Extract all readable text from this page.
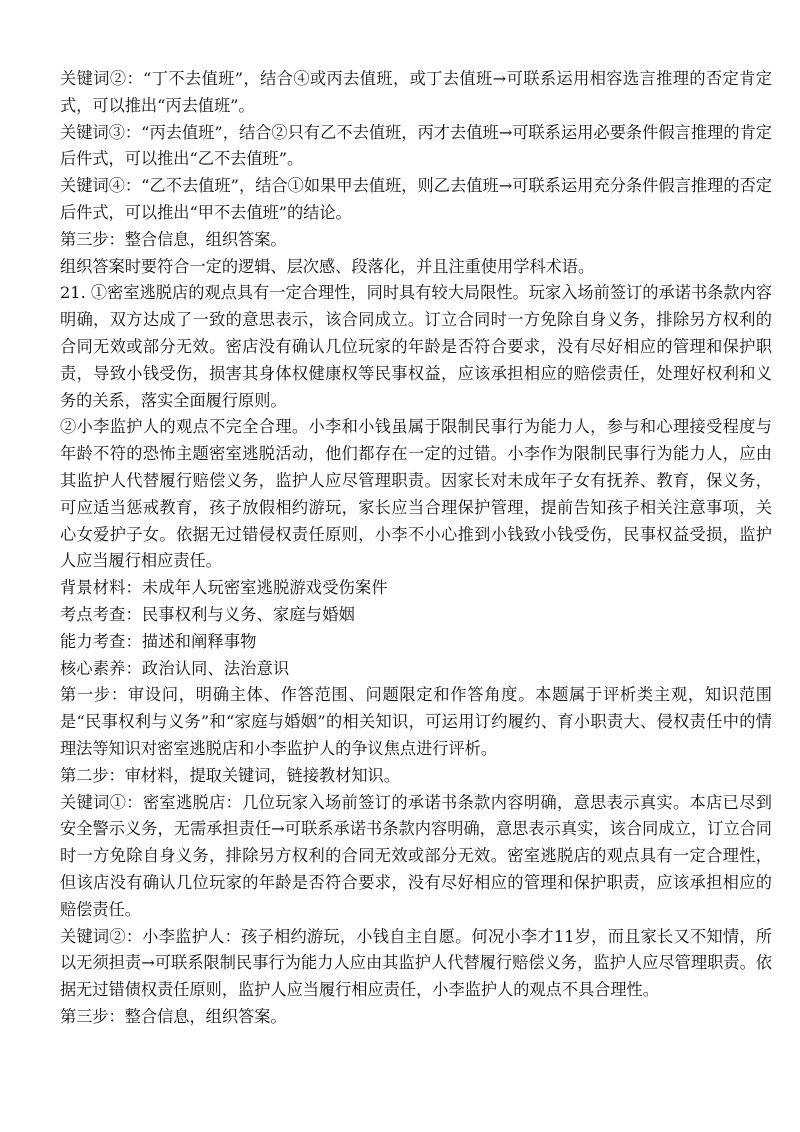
关键词②：“丁不去值班”，结合④或丙去值班，或丁去值班→可联系运用相容选言推理的否定肯定式，可以推出“丙去值班”。

关键词③：“丙去值班”，结合②只有乙不去值班，丙才去值班→可联系运用必要条件假言推理的肯定后件式，可以推出“乙不去值班”。

关键词④：“乙不去值班”，结合①如果甲去值班，则乙去值班→可联系运用充分条件假言推理的否定后件式，可以推出“甲不去值班”的结论。

第三步：整合信息，组织答案。

组织答案时要符合一定的逻辑、层次感、段落化，并且注重使用学科术语。

21. ①密室逃脱店的观点具有一定合理性，同时具有较大局限性。玩家入场前签订的承诺书条款内容明确，双方达成了一致的意思表示，该合同成立。订立合同时一方免除自身义务，排除另方权利的合同无效或部分无效。密店没有确认几位玩家的年龄是否符合要求，没有尽好相应的管理和保护职责，导致小钱受伤，损害其身体权健康权等民事权益，应该承担相应的赔偿责任，处理好权利和义务的关系，落实全面履行原则。

②小李监护人的观点不完全合理。小李和小钱虽属于限制民事行为能力人，参与和心理接受程度与年龄不符的恐怖主题密室逃脱活动，他们都存在一定的过错。小李作为限制民事行为能力人，应由其监护人代替履行赔偿义务，监护人应尽管理职责。因家长对未成年子女有抚养、教育，保义务，可应适当惩戒教育，孩子放假相约游玩，家长应当合理保护管理，提前告知孩子相关注意事项，关心女爱护子女。依据无过错侵权责任原则，小李不小心推到小钱致小钱受伤，民事权益受损，监护人应当履行相应责任。

背景材料：未成年人玩密室逃脱游戏受伤案件

考点考查：民事权利与义务、家庭与婚姻

能力考查：描述和阐释事物

核心素养：政治认同、法治意识

第一步：审设问，明确主体、作答范围、问题限定和作答角度。本题属于评析类主观，知识范围是“民事权利与义务”和“家庭与婚姻”的相关知识，可运用订约履约、育小职责大、侵权责任中的情理法等知识对密室逃脱店和小李监护人的争议焦点进行评析。

第二步：审材料，提取关键词，链接教材知识。

关键词①：密室逃脱店：几位玩家入场前签订的承诺书条款内容明确，意思表示真实。本店已尽到安全警示义务，无需承担责任→可联系承诺书条款内容明确，意思表示真实，该合同成立，订立合同时一方免除自身义务，排除另方权利的合同无效或部分无效。密室逃脱店的观点具有一定合理性，但该店没有确认几位玩家的年龄是否符合要求，没有尽好相应的管理和保护职责，应该承担相应的赔偿责任。

关键词②：小李监护人：孩子相约游玩，小钱自主自愿。何况小李才11岁，而且家长又不知情，所以无须担责→可联系限制民事行为能力人应由其监护人代替履行赔偿义务，监护人应尽管理职责。依据无过错债权责任原则，监护人应当履行相应责任，小李监护人的观点不具合理性。

第三步：整合信息，组织答案。
